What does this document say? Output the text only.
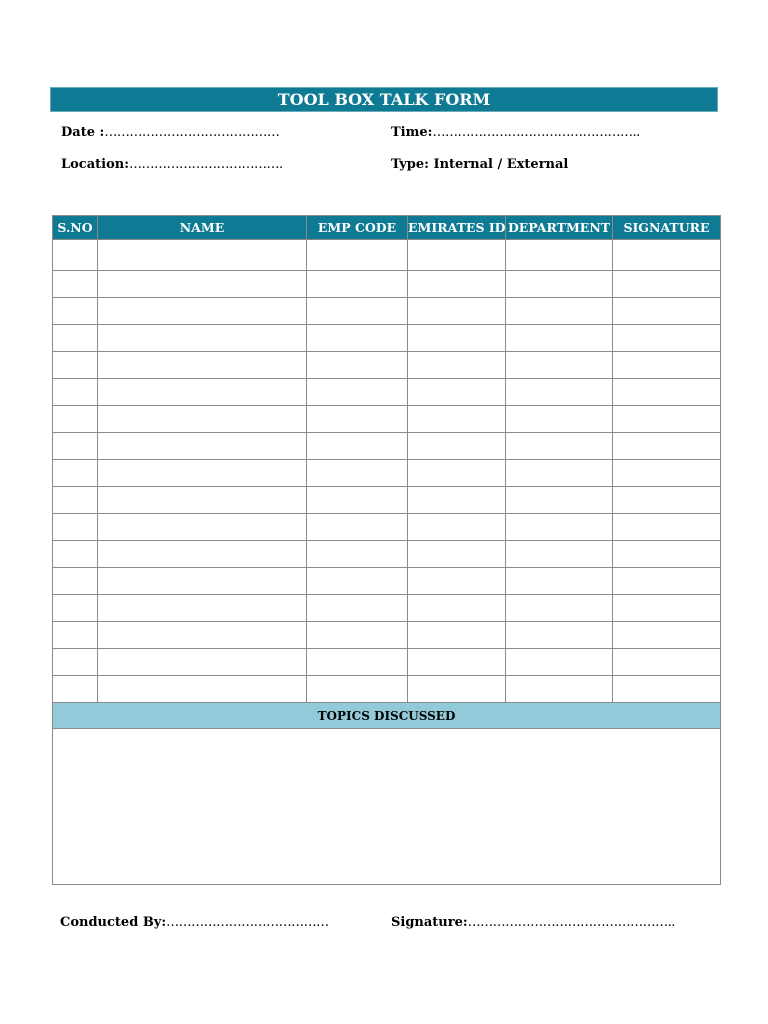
TOOL BOX TALK FORM
Date :……………………………………	Time:…………………………………………..
Location:……………………………….	Type: Internal / External
S.NO	NAME	EMP CODE	EMIRATES ID	DEPARTMENT	SIGNATURE

TOPICS DISCUSSED					

Conducted By:…………………………………	Signature:…………………………………………..
